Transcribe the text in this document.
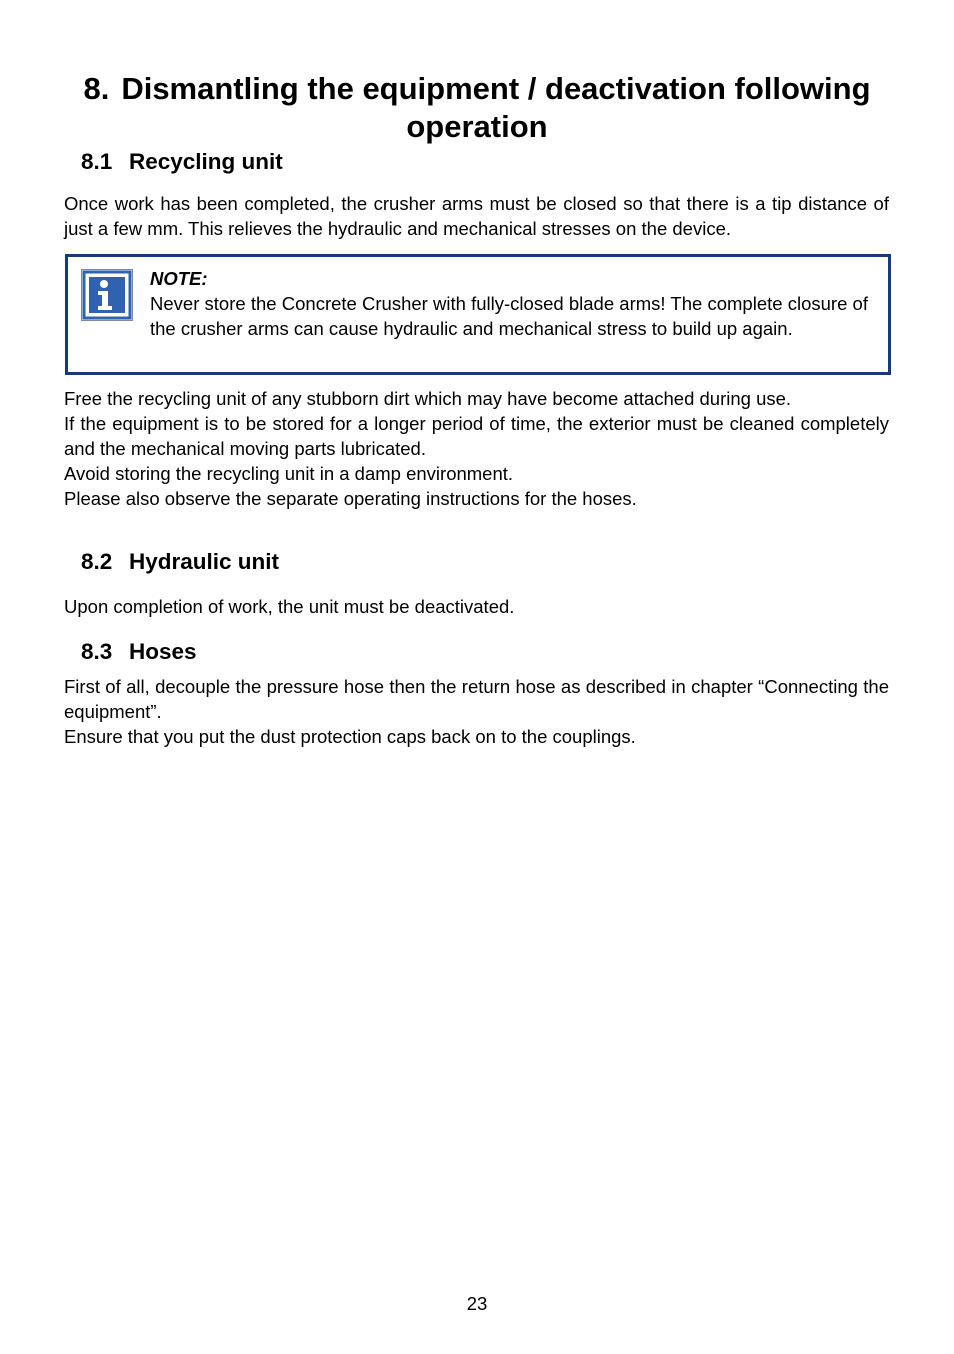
8. Dismantling the equipment / deactivation following operation
8.1 Recycling unit

Once work has been completed, the crusher arms must be closed so that there is a tip distance of just a few mm. This relieves the hydraulic and mechanical stresses on the device.

NOTE:
Never store the Concrete Crusher with fully-closed blade arms! The complete closure of the crusher arms can cause hydraulic and mechanical stress to build up again.

Free the recycling unit of any stubborn dirt which may have become attached during use.

If the equipment is to be stored for a longer period of time, the exterior must be cleaned completely and the mechanical moving parts lubricated.

Avoid storing the recycling unit in a damp environment.

Please also observe the separate operating instructions for the hoses.

8.2 Hydraulic unit

Upon completion of work, the unit must be deactivated.

8.3 Hoses

First of all, decouple the pressure hose then the return hose as described in chapter “Connecting the equipment”.

Ensure that you put the dust protection caps back on to the couplings.

23
